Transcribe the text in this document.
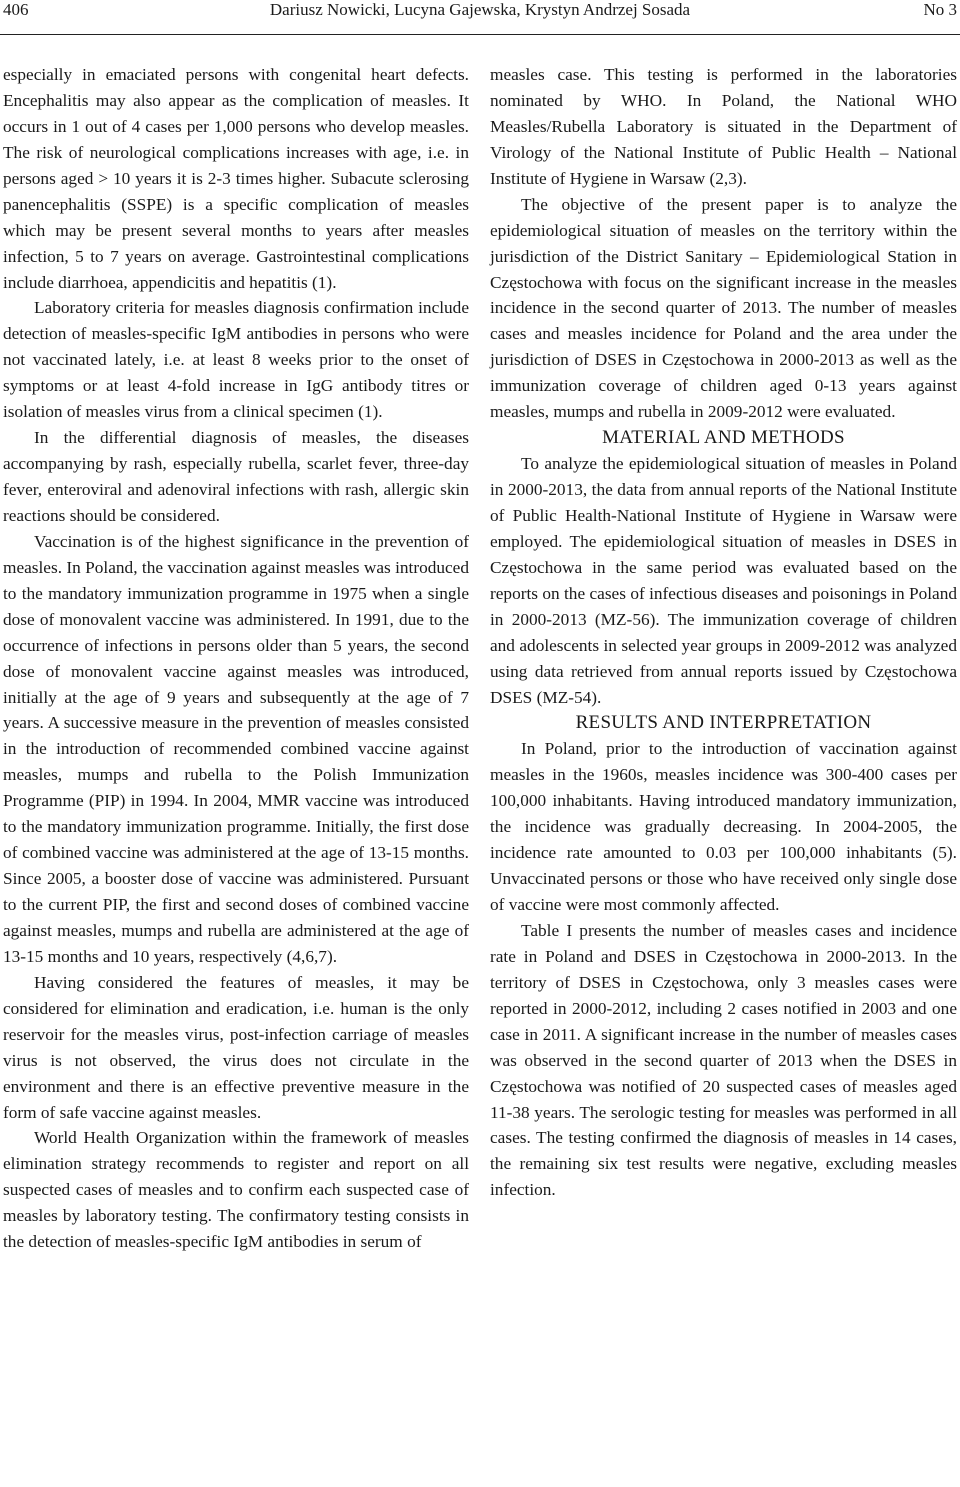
406	Dariusz Nowicki, Lucyna Gajewska, Krystyn Andrzej Sosada	No 3

especially in emaciated persons with congenital heart defects. Encephalitis may also appear as the complication of measles. It occurs in 1 out of 4 cases per 1,000 persons who develop measles. The risk of neurological complications increases with age, i.e. in persons aged > 10 years it is 2-3 times higher. Subacute sclerosing panencephalitis (SSPE) is a specific complication of measles which may be present several months to years after measles infection, 5 to 7 years on average. Gastrointestinal complications include diarrhoea, appendicitis and hepatitis (1).

Laboratory criteria for measles diagnosis confirmation include detection of measles-specific IgM antibodies in persons who were not vaccinated lately, i.e. at least 8 weeks prior to the onset of symptoms or at least 4-fold increase in IgG antibody titres or isolation of measles virus from a clinical specimen (1).

In the differential diagnosis of measles, the diseases accompanying by rash, especially rubella, scarlet fever, three-day fever, enteroviral and adenoviral infections with rash, allergic skin reactions should be considered.

Vaccination is of the highest significance in the prevention of measles. In Poland, the vaccination against measles was introduced to the mandatory immunization programme in 1975 when a single dose of monovalent vaccine was administered. In 1991, due to the occurrence of infections in persons older than 5 years, the second dose of monovalent vaccine against measles was introduced, initially at the age of 9 years and subsequently at the age of 7 years. A successive measure in the prevention of measles consisted in the introduction of recommended combined vaccine against measles, mumps and rubella to the Polish Immunization Programme (PIP) in 1994. In 2004, MMR vaccine was introduced to the mandatory immunization programme. Initially, the first dose of combined vaccine was administered at the age of 13-15 months. Since 2005, a booster dose of vaccine was administered. Pursuant to the current PIP, the first and second doses of combined vaccine against measles, mumps and rubella are administered at the age of 13-15 months and 10 years, respectively (4,6,7).

Having considered the features of measles, it may be considered for elimination and eradication, i.e. human is the only reservoir for the measles virus, post-infection carriage of measles virus is not observed, the virus does not circulate in the environment and there is an effective preventive measure in the form of safe vaccine against measles.

World Health Organization within the framework of measles elimination strategy recommends to register and report on all suspected cases of measles and to confirm each suspected case of measles by laboratory testing. The confirmatory testing consists in the detection of measles-specific IgM antibodies in serum of

measles case. This testing is performed in the laboratories nominated by WHO. In Poland, the National WHO Measles/Rubella Laboratory is situated in the Department of Virology of the National Institute of Public Health – National Institute of Hygiene in Warsaw (2,3).

The objective of the present paper is to analyze the epidemiological situation of measles on the territory within the jurisdiction of the District Sanitary – Epidemiological Station in Częstochowa with focus on the significant increase in the measles incidence in the second quarter of 2013. The number of measles cases and measles incidence for Poland and the area under the jurisdiction of DSES in Częstochowa in 2000-2013 as well as the immunization coverage of children aged 0-13 years against measles, mumps and rubella in 2009-2012 were evaluated.

MATERIAL AND METHODS

To analyze the epidemiological situation of measles in Poland in 2000-2013, the data from annual reports of the National Institute of Public Health-National Institute of Hygiene in Warsaw were employed. The epidemiological situation of measles in DSES in Częstochowa in the same period was evaluated based on the reports on the cases of infectious diseases and poisonings in Poland in 2000-2013 (MZ-56). The immunization coverage of children and adolescents in selected year groups in 2009-2012 was analyzed using data retrieved from annual reports issued by Częstochowa DSES (MZ-54).

RESULTS AND INTERPRETATION

In Poland, prior to the introduction of vaccination against measles in the 1960s, measles incidence was 300-400 cases per 100,000 inhabitants. Having introduced mandatory immunization, the incidence was gradually decreasing. In 2004-2005, the incidence rate amounted to 0.03 per 100,000 inhabitants (5). Unvaccinated persons or those who have received only single dose of vaccine were most commonly affected.

Table I presents the number of measles cases and incidence rate in Poland and DSES in Częstochowa in 2000-2013. In the territory of DSES in Częstochowa, only 3 measles cases were reported in 2000-2012, including 2 cases notified in 2003 and one case in 2011. A significant increase in the number of measles cases was observed in the second quarter of 2013 when the DSES in Częstochowa was notified of 20 suspected cases of measles aged 11-38 years. The serologic testing for measles was performed in all cases. The testing confirmed the diagnosis of measles in 14 cases, the remaining six test results were negative, excluding measles infection.
